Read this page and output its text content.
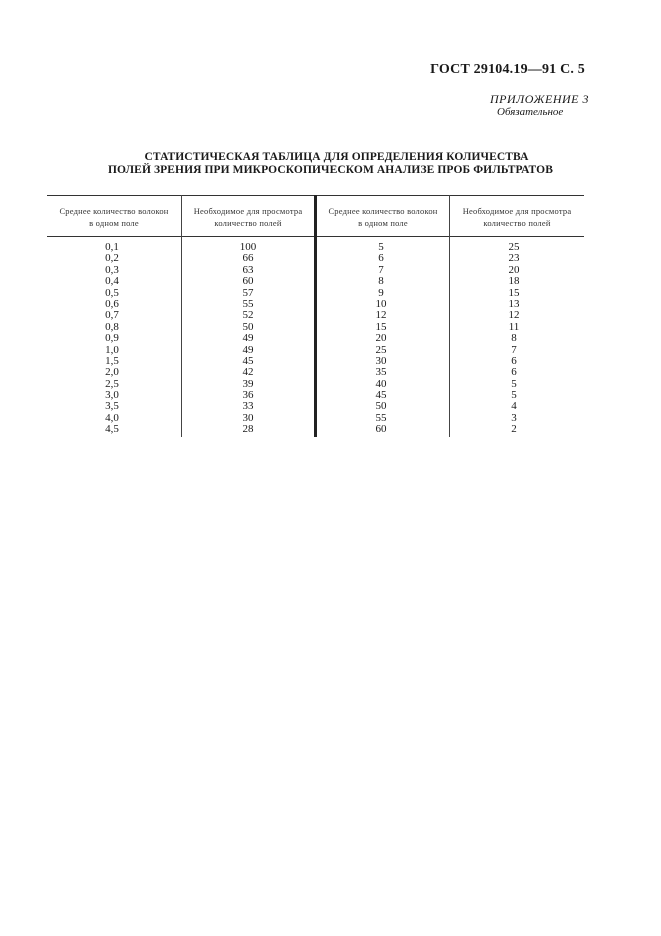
ГОСТ 29104.19—91 С. 5
ПРИЛОЖЕНИЕ 3
Обязательное
СТАТИСТИЧЕСКАЯ ТАБЛИЦА ДЛЯ ОПРЕДЕЛЕНИЯ КОЛИЧЕСТВА
ПОЛЕЙ ЗРЕНИЯ ПРИ МИКРОСКОПИЧЕСКОМ АНАЛИЗЕ ПРОБ ФИЛЬТРАТОВ
Среднее количество волокон
в одном поле
Необходимое для просмотра
количество полей
Среднее количество волокон
в одном поле
Необходимое для просмотра
количество полей
0,1
0,2
0,3
0,4
0,5
0,6
0,7
0,8
0,9
1,0
1,5
2,0
2,5
3,0
3,5
4,0
4,5
100
66
63
60
57
55
52
50
49
49
45
42
39
36
33
30
28
5
6
7
8
9
10
12
15
20
25
30
35
40
45
50
55
60
25
23
20
18
15
13
12
11
8
7
6
6
5
5
4
3
2
